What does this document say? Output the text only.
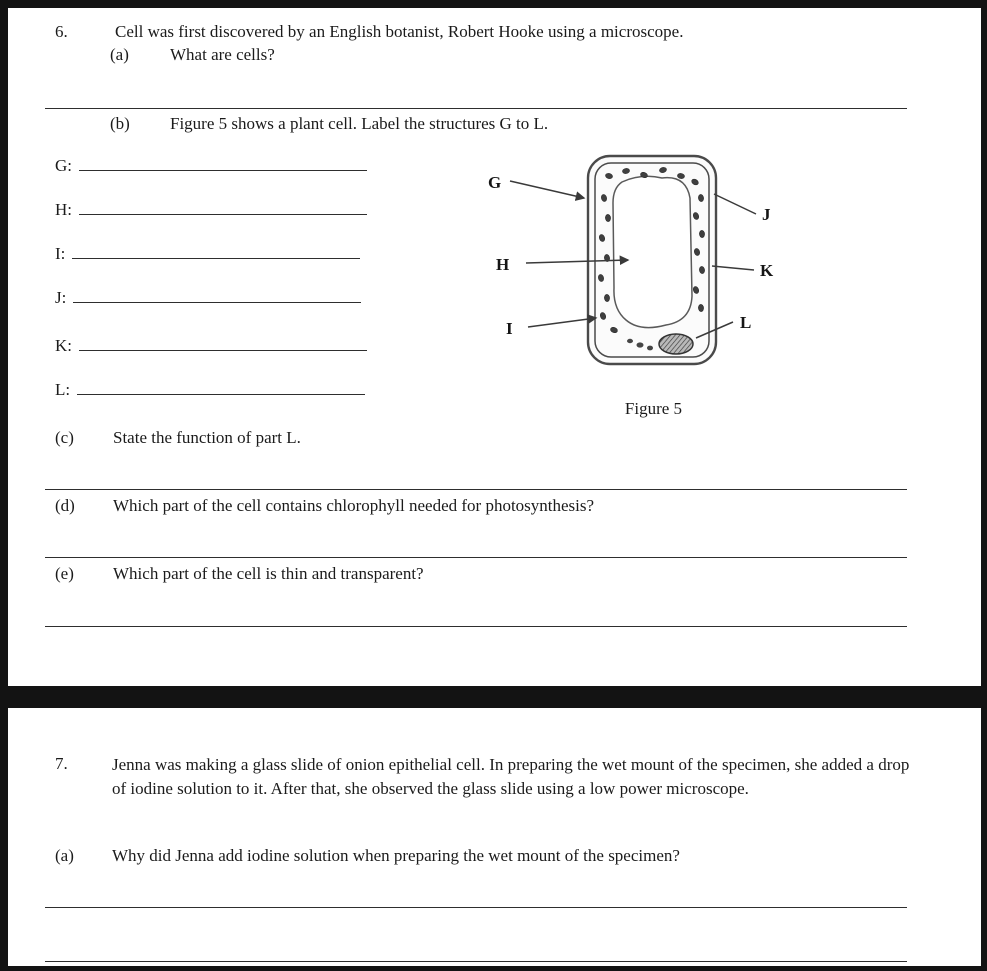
6.	Cell was first discovered by an English botanist, Robert Hooke using a microscope.
(a) What are cells?
(b) Figure 5 shows a plant cell. Label the structures G to L.
G:
H:
I:
J:
K:
L:
G
H
I
J
K
L
Figure 5
(c) State the function of part L.
(d) Which part of the cell contains chlorophyll needed for photosynthesis?
(e) Which part of the cell is thin and transparent?
7.	Jenna was making a glass slide of onion epithelial cell. In preparing the wet mount of the specimen, she added a drop of iodine solution to it. After that, she observed the glass slide using a low power microscope.
(a) Why did Jenna add iodine solution when preparing the wet mount of the specimen?
